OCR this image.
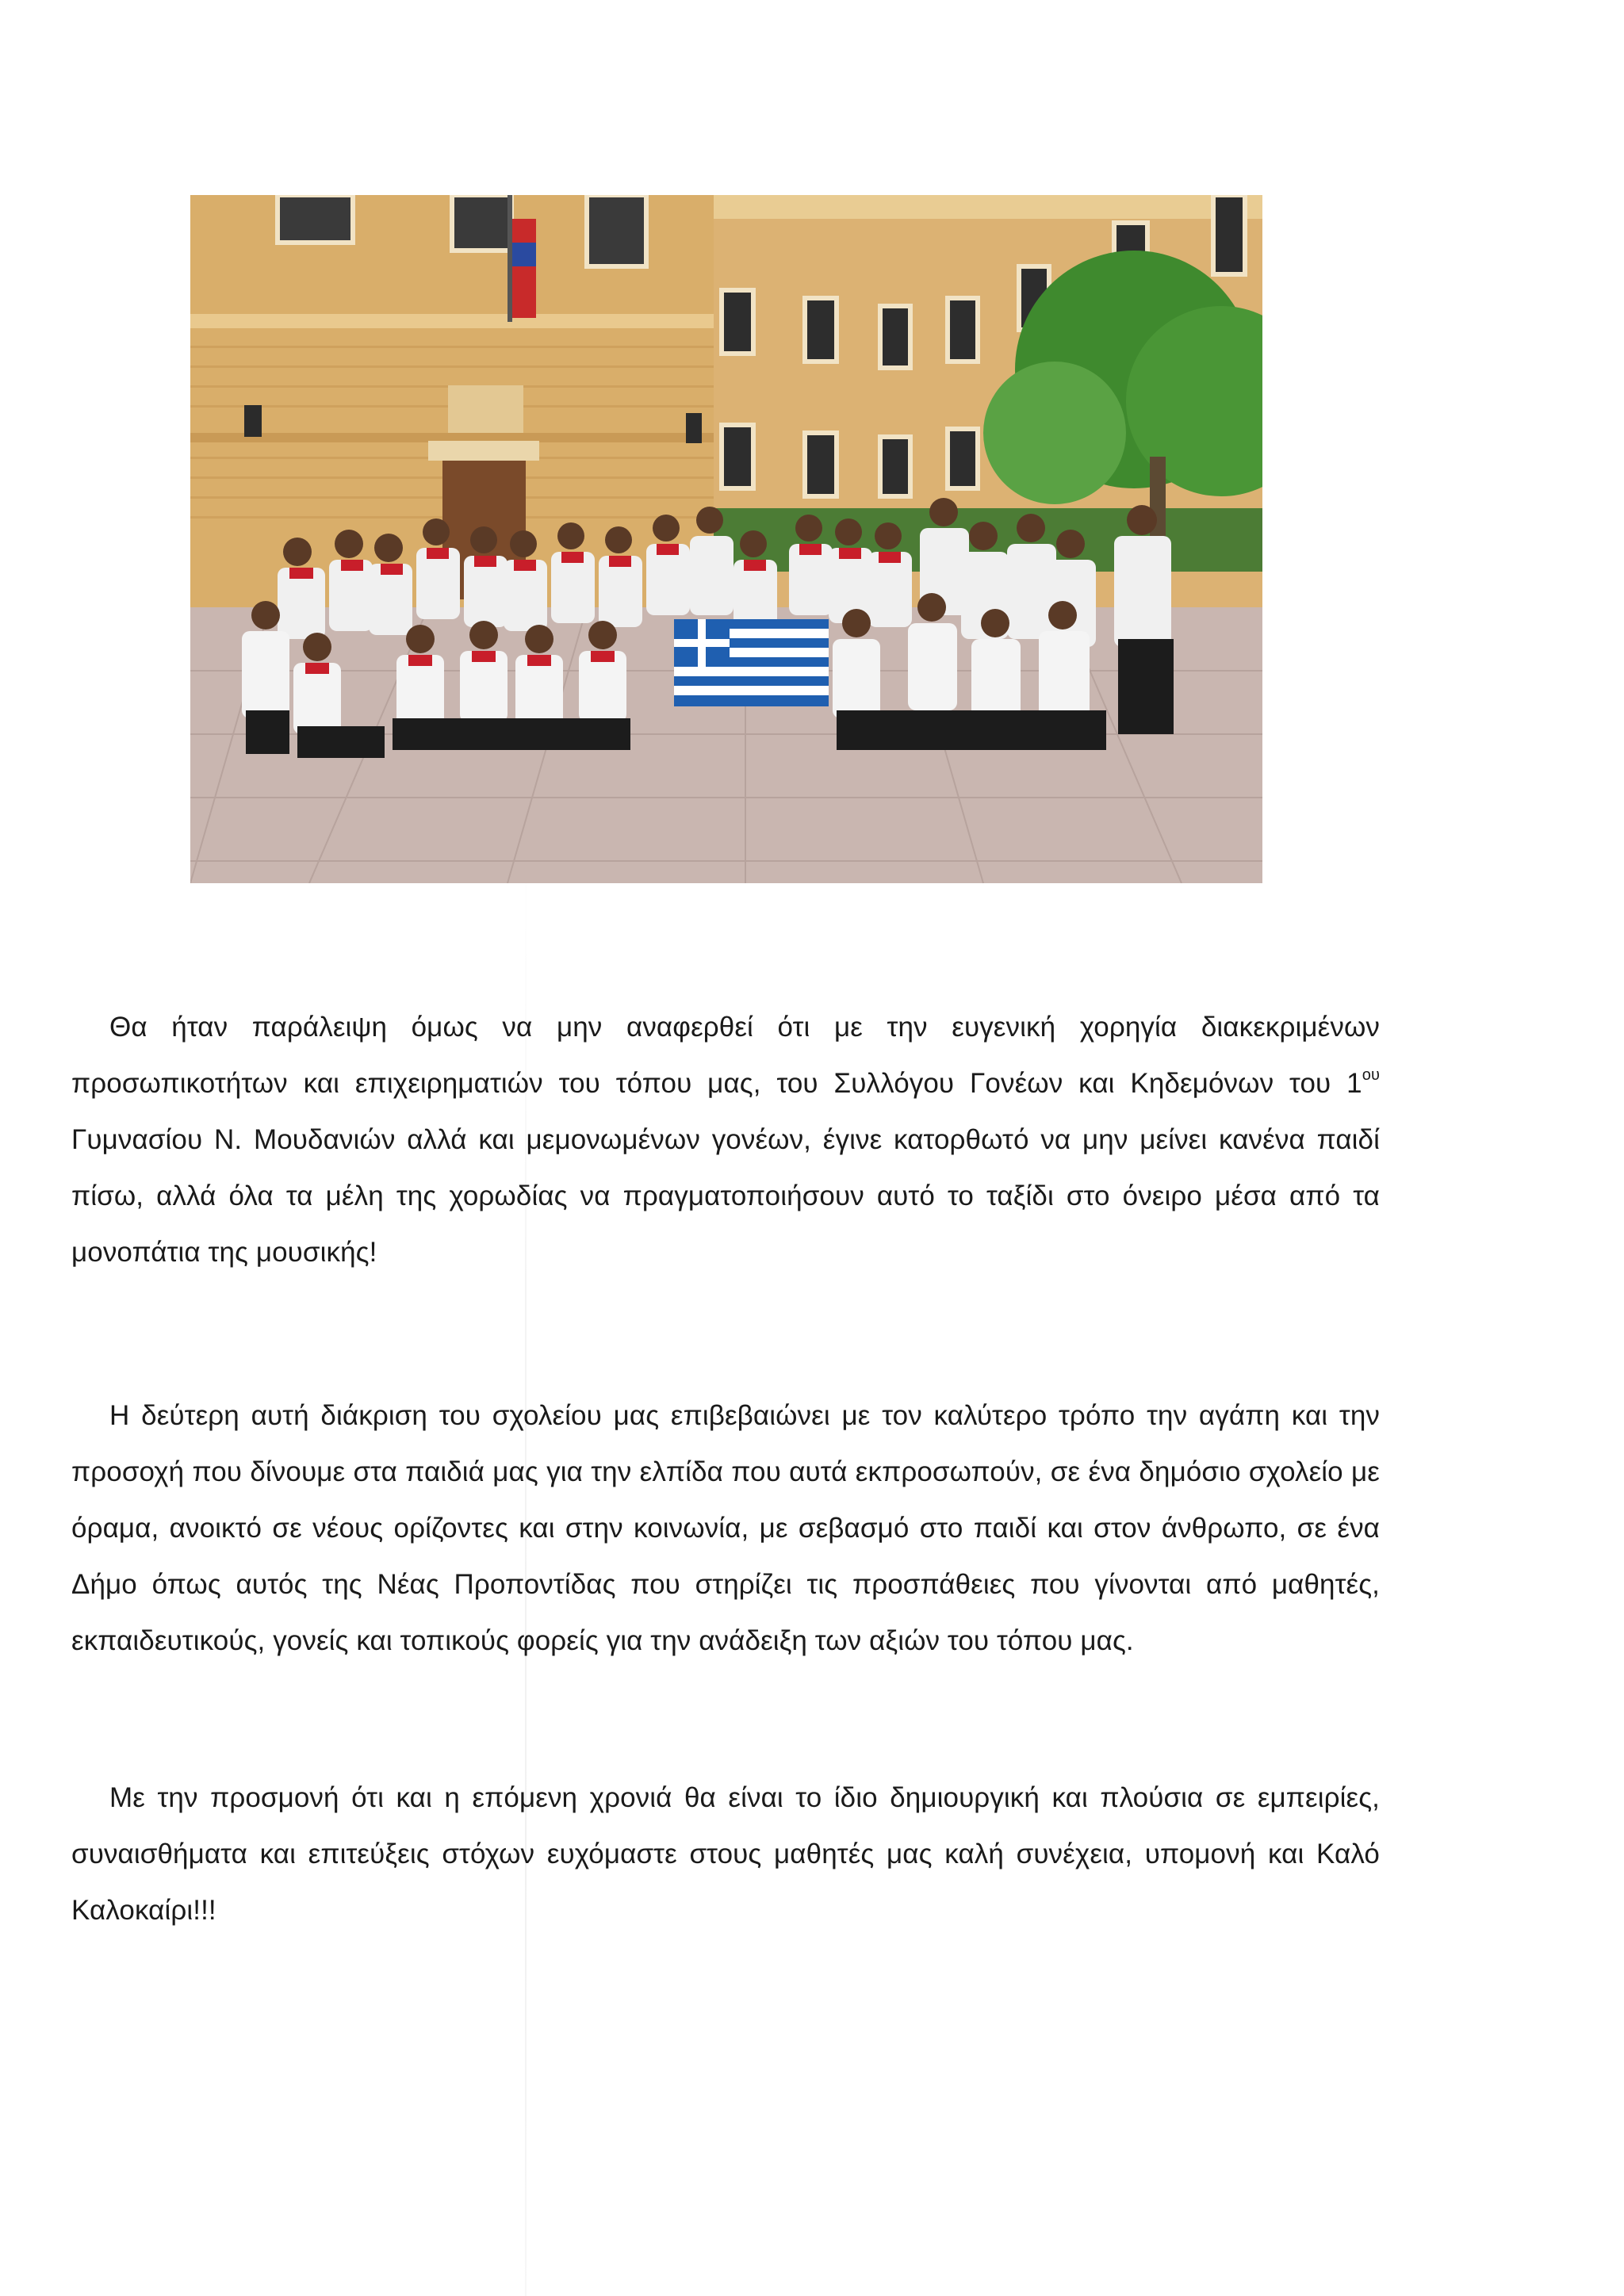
Θα ήταν παράλειψη όμως να μην αναφερθεί ότι με την ευγενική χορηγία διακεκριμένων προσωπικοτήτων και επιχειρηματιών του τόπου μας, του Συλλόγου Γονέων και Κηδεμόνων του $1^{o\upsilon}$ Γυμνασίου Ν. Μουδανιών αλλά και μεμονωμένων γονέων, έγινε κατορθωτό να μην μείνει κανένα παιδί πίσω, αλλά όλα τα μέλη της χορωδίας να πραγματοποιήσουν αυτό το ταξίδι στο όνειρο μέσα από τα μονοπάτια της μουσικής!
Η δεύτερη αυτή διάκριση του σχολείου μας επιβεβαιώνει με τον καλύτερο τρόπο την αγάπη και την προσοχή που δίνουμε στα παιδιά μας για την ελπίδα που αυτά εκπροσωπούν, σε ένα δημόσιο σχολείο με όραμα, ανοικτό σε νέους ορίζοντες και στην κοινωνία, με σεβασμό στο παιδί και στον άνθρωπο, σε ένα Δήμο όπως αυτός της Νέας Προποντίδας που στηρίζει τις προσπάθειες που γίνονται από μαθητές, εκπαιδευτικούς, γονείς και τοπικούς φορείς για την ανάδειξη των αξιών του τόπου μας.
Με την προσμονή ότι και η επόμενη χρονιά θα είναι το ίδιο δημιουργική και πλούσια σε εμπειρίες, συναισθήματα και επιτεύξεις στόχων ευχόμαστε στους μαθητές μας καλή συνέχεια, υπομονή και Καλό Καλοκαίρι!!!
